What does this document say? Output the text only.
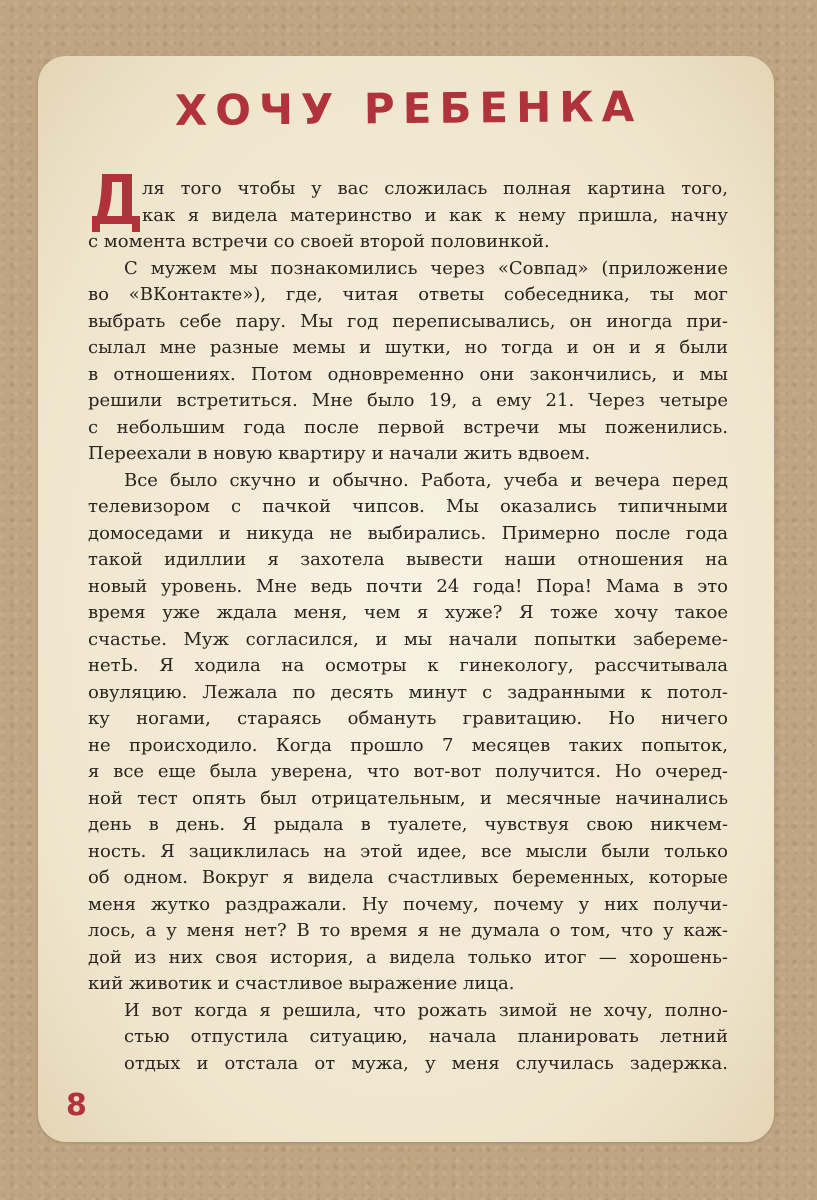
ХОЧУ РЕБЕНКА
ля того чтобы у вас сложилась полная картина того,
как я видела материнство и как к нему пришла, начну
с момента встречи со своей второй половинкой.
С мужем мы познакомились через «Совпад» (приложение
во «ВКонтакте»), где, читая ответы собеседника, ты мог
выбрать себе пару. Мы год переписывались, он иногда при-
сылал мне разные мемы и шутки, но тогда и он и я были
в отношениях. Потом одновременно они закончились, и мы
решили встретиться. Мне было 19, а ему 21. Через четыре
с небольшим года после первой встречи мы поженились.
Переехали в новую квартиру и начали жить вдвоем.
Все было скучно и обычно. Работа, учеба и вечера перед
телевизором с пачкой чипсов. Мы оказались типичными
домоседами и никуда не выбирались. Примерно после года
такой идиллии я захотела вывести наши отношения на
новый уровень. Мне ведь почти 24 года! Пора! Мама в это
время уже ждала меня, чем я хуже? Я тоже хочу такое
счастье. Муж согласился, и мы начали попытки забереме-
нетЬ. Я ходила на осмотры к гинекологу, рассчитывала
овуляцию. Лежала по десять минут с задранными к потол-
ку ногами, стараясь обмануть гравитацию. Но ничего
не происходило. Когда прошло 7 месяцев таких попыток,
я все еще была уверена, что вот-вот получится. Но очеред-
ной тест опять был отрицательным, и месячные начинались
день в день. Я рыдала в туалете, чувствуя свою никчем-
ность. Я зациклилась на этой идее, все мысли были только
об одном. Вокруг я видела счастливых беременных, которые
меня жутко раздражали. Ну почему, почему у них получи-
лось, а у меня нет? В то время я не думала о том, что у каж-
дой из них своя история, а видела только итог — хорошень-
кий животик и счастливое выражение лица.
И вот когда я решила, что рожать зимой не хочу, полно-
стью отпустила ситуацию, начала планировать летний
отдых и отстала от мужа, у меня случилась задержка.
8
